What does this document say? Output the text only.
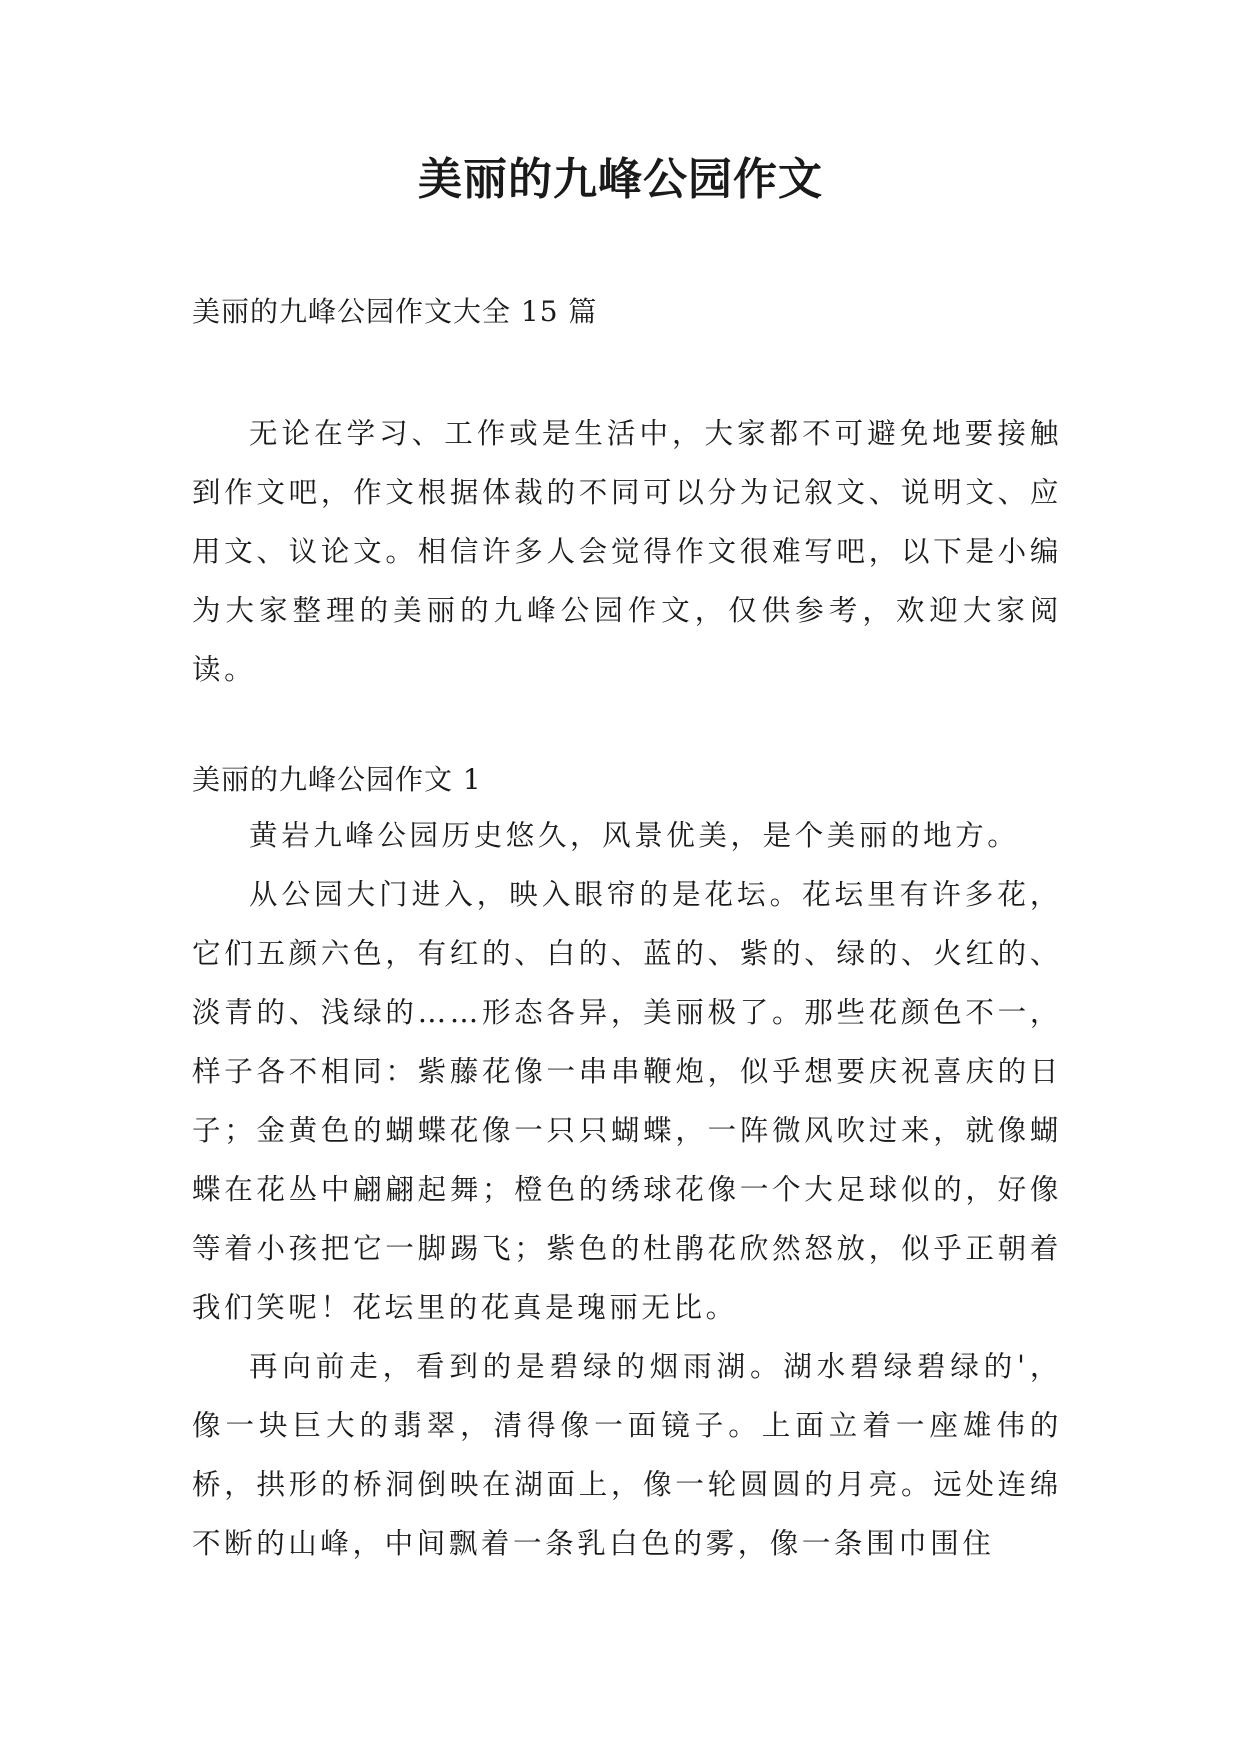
美丽的九峰公园作文
美丽的九峰公园作文大全 15 篇

无论在学习、工作或是生活中，大家都不可避免地要接触到作文吧，作文根据体裁的不同可以分为记叙文、说明文、应用文、议论文。相信许多人会觉得作文很难写吧，以下是小编为大家整理的美丽的九峰公园作文，仅供参考，欢迎大家阅读。

美丽的九峰公园作文 1

黄岩九峰公园历史悠久，风景优美，是个美丽的地方。

从公园大门进入，映入眼帘的是花坛。花坛里有许多花，它们五颜六色，有红的、白的、蓝的、紫的、绿的、火红的、淡青的、浅绿的……形态各异，美丽极了。那些花颜色不一，样子各不相同：紫藤花像一串串鞭炮，似乎想要庆祝喜庆的日子；金黄色的蝴蝶花像一只只蝴蝶，一阵微风吹过来，就像蝴蝶在花丛中翩翩起舞；橙色的绣球花像一个大足球似的，好像等着小孩把它一脚踢飞；紫色的杜鹃花欣然怒放，似乎正朝着我们笑呢！花坛里的花真是瑰丽无比。

再向前走，看到的是碧绿的烟雨湖。湖水碧绿碧绿的'，像一块巨大的翡翠，清得像一面镜子。上面立着一座雄伟的桥，拱形的桥洞倒映在湖面上，像一轮圆圆的月亮。远处连绵不断的山峰，中间飘着一条乳白色的雾，像一条围巾围住
